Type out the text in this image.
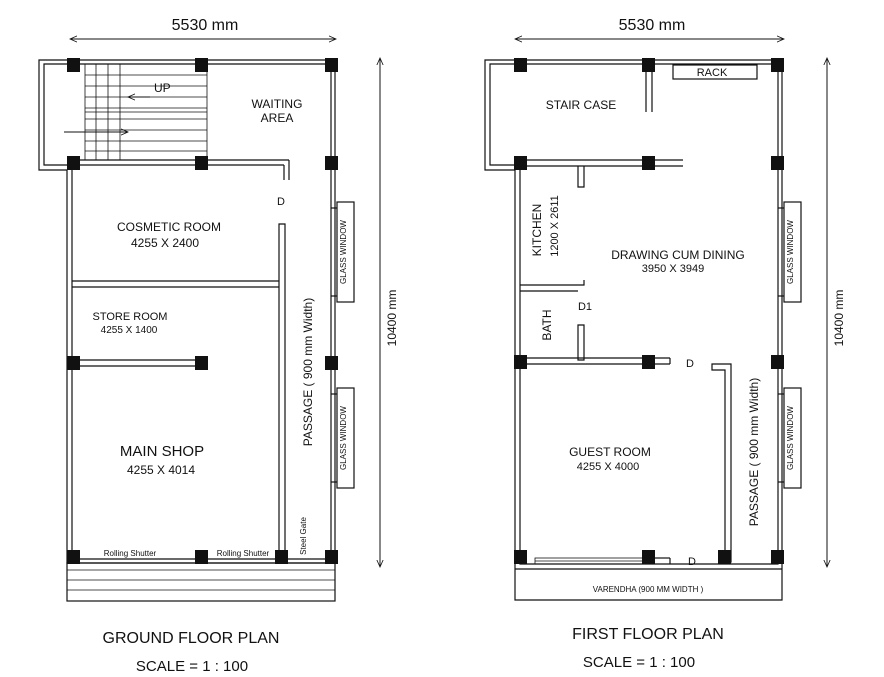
5530 mm
10400 mm
UP
WAITING
AREA
D
COSMETIC ROOM
4255 X 2400
STORE ROOM
4255 X 1400
MAIN SHOP
4255 X 4014
PASSAGE ( 900 mm Width)
GLASS WINDOW
GLASS WINDOW
Rolling Shutter	Rolling Shutter	Steel Gate
GROUND FLOOR PLAN
SCALE = 1 : 100
5530 mm
10400 mm
RACK
STAIR CASE
KITCHEN 1200 X 2611	DRAWING CUM DINING
3950 X 3949
BATH
D1
D
PASSAGE ( 900 mm Width)
GUEST ROOM
4255 X 4000
D
GLASS WINDOW
GLASS WINDOW
VARENDHA (900 MM WIDTH )
FIRST FLOOR PLAN
SCALE = 1 : 100
